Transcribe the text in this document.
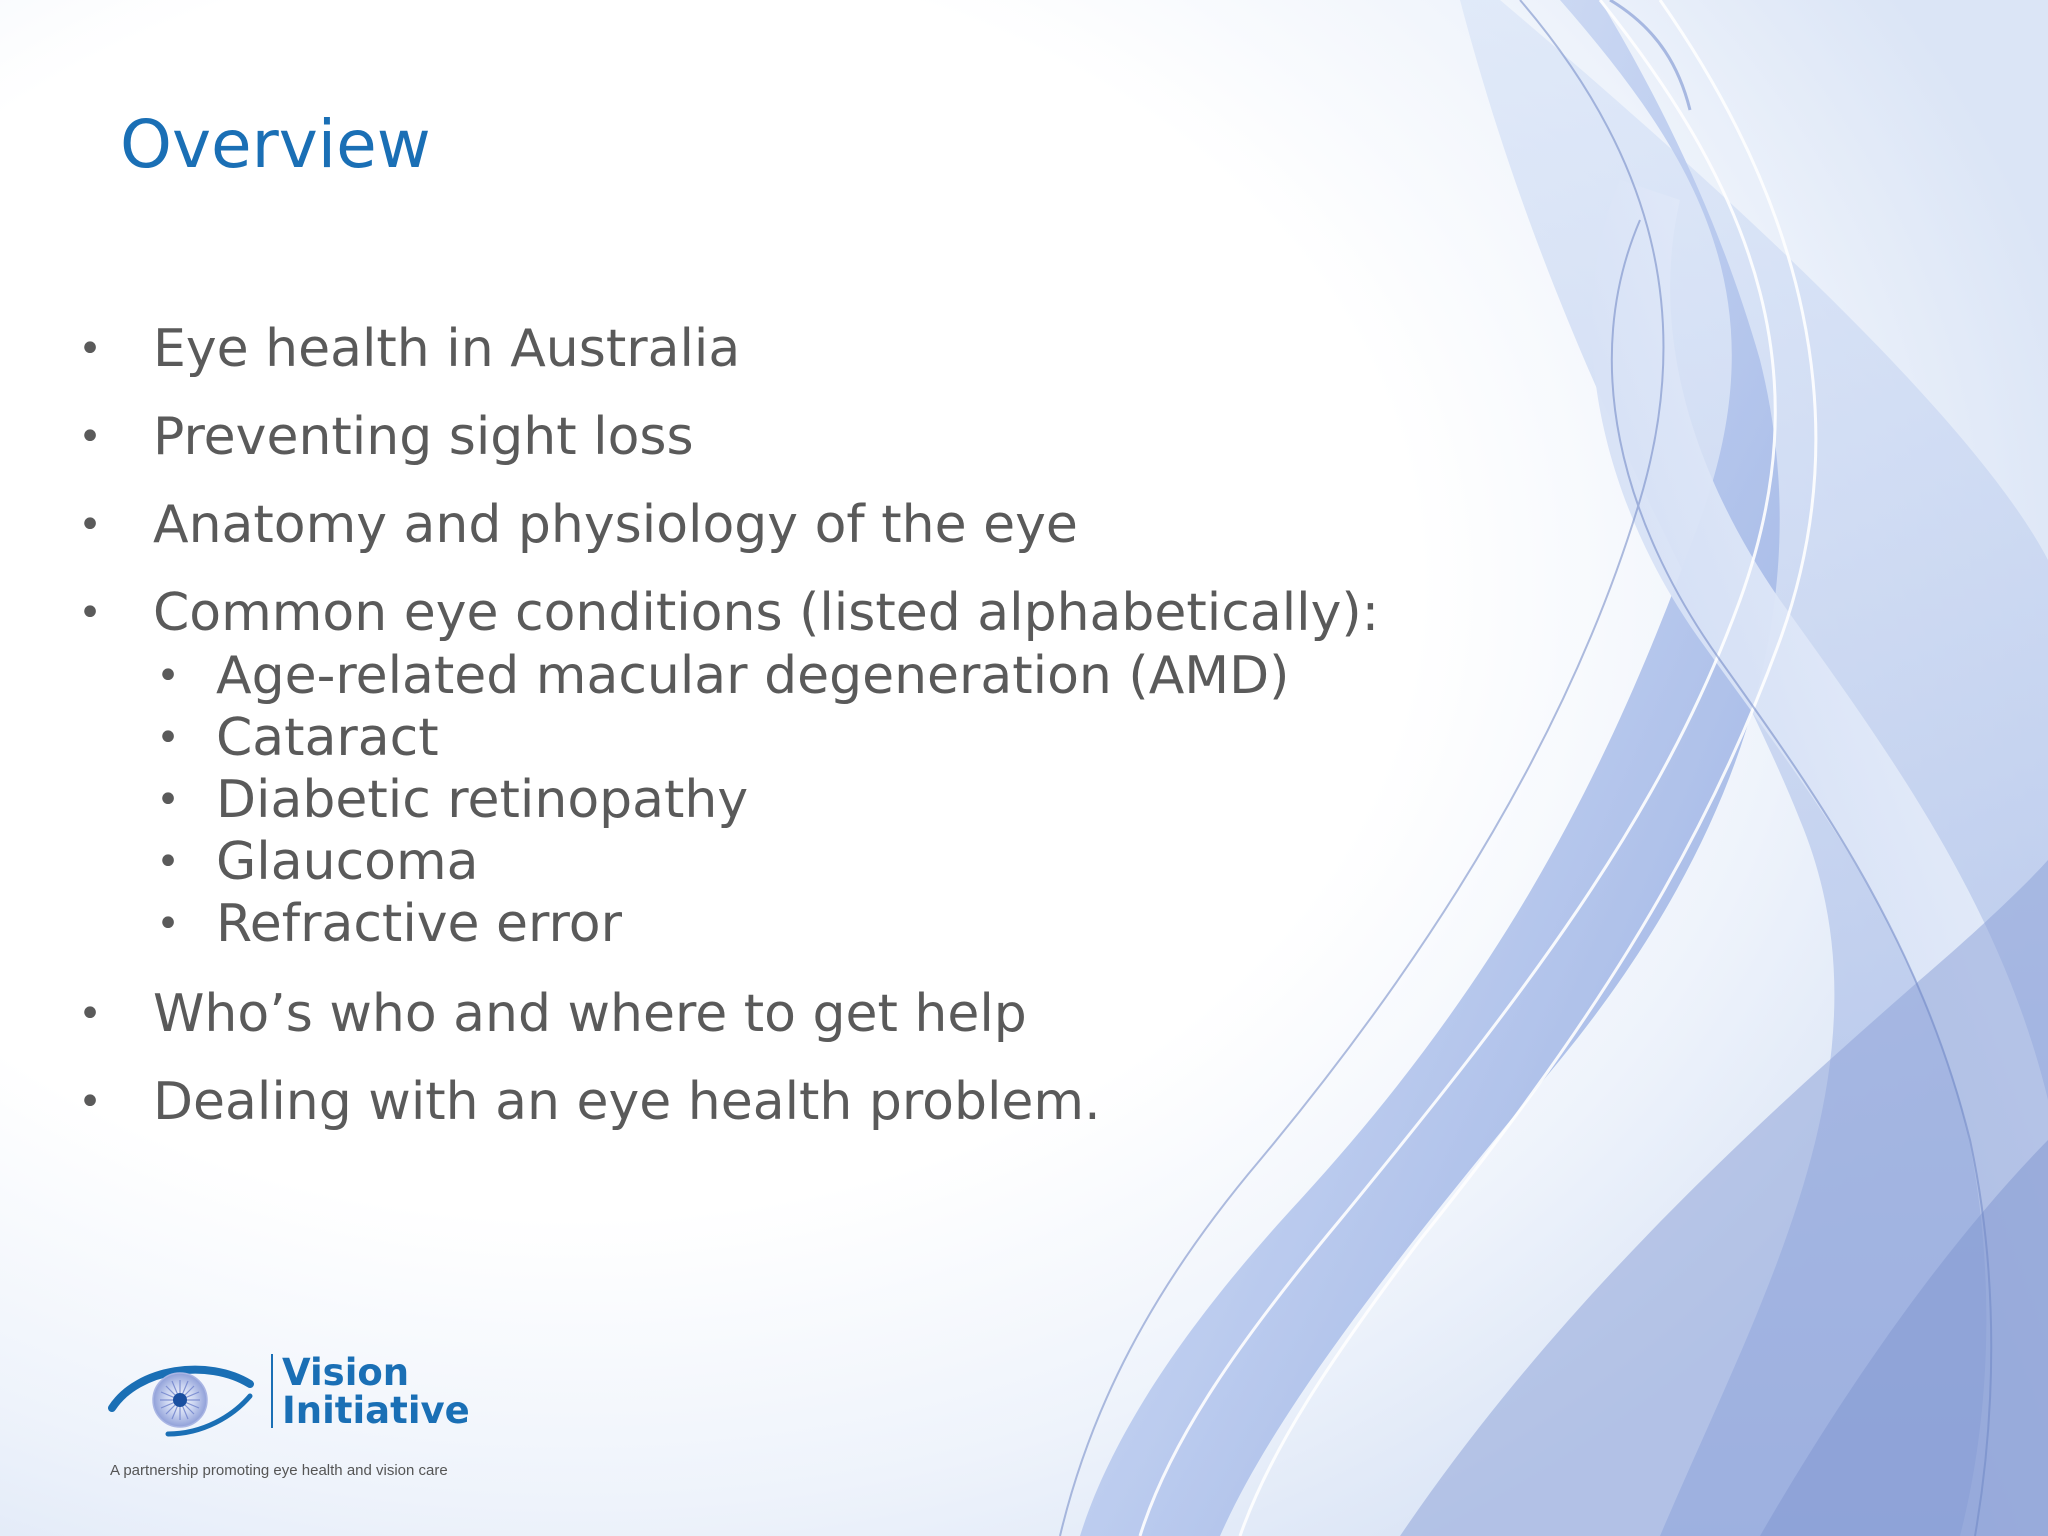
Overview
• Eye health in Australia
• Preventing sight loss
• Anatomy and physiology of the eye
• Common eye conditions (listed alphabetically):
• Age-related macular degeneration (AMD)
• Cataract
• Diabetic retinopathy
• Glaucoma
• Refractive error
• Who’s who and where to get help
• Dealing with an eye health problem.
Vision
Initiative
A partnership promoting eye health and vision care
